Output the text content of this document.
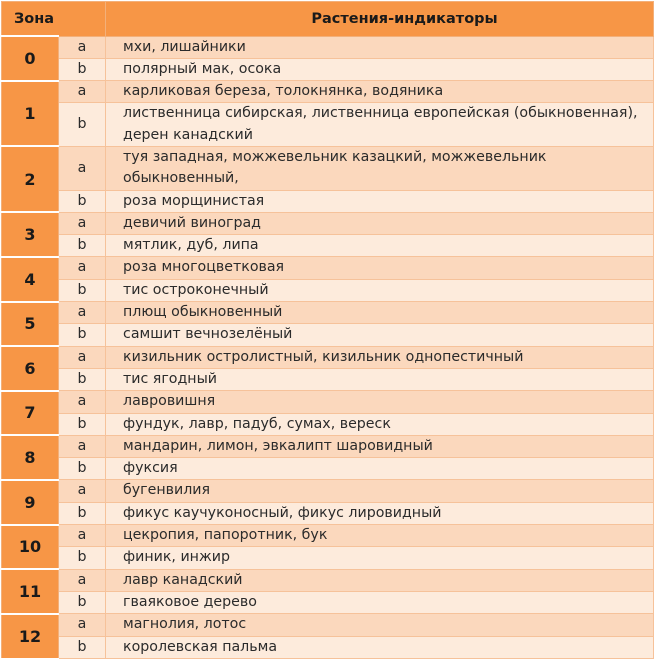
Зона		Растения-индикаторы
0	a	мхи, лишайники
	b	полярный мак, осока
1	a	карликовая береза, толокнянка, водяника
	b	лиственница сибирская, лиственница европейская (обыкновенная), дерен канадский
2	a	туя западная, можжевельник казацкий, можжевельник обыкновенный,
	b	роза морщинистая
3	a	девичий виноград
	b	мятлик, дуб, липа
4	a	роза многоцветковая
	b	тис остроконечный
5	a	плющ обыкновенный
	b	самшит вечнозелёный
6	a	кизильник остролистный, кизильник однопестичный
	b	тис ягодный
7	a	лавровишня
	b	фундук, лавр, падуб, сумах, вереск
8	a	мандарин, лимон, эвкалипт шаровидный
	b	фуксия
9	a	бугенвилия
	b	фикус каучуконосный, фикус лировидный
10	a	цекропия, папоротник, бук
	b	финик, инжир
11	a	лавр канадский
	b	гваяковое дерево
12	a	магнолия, лотос
	b	королевская пальма
